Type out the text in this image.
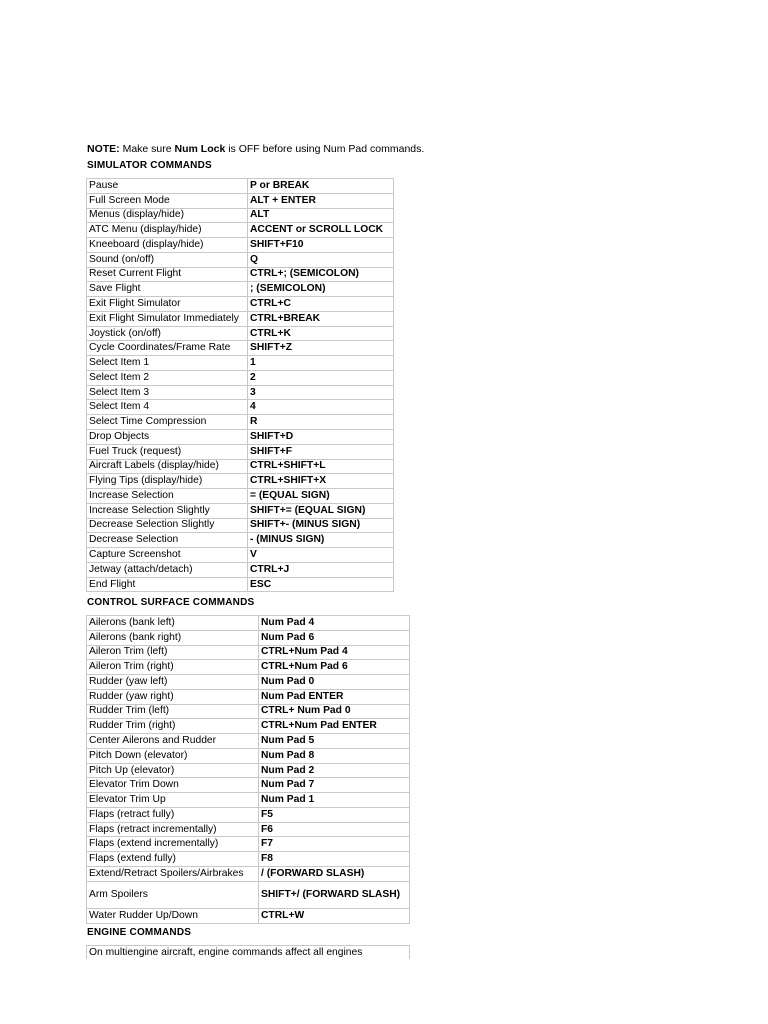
NOTE: Make sure Num Lock is OFF before using Num Pad commands.
SIMULATOR COMMANDS
Pause	P or BREAK
Full Screen Mode	ALT + ENTER
Menus (display/hide)	ALT
ATC Menu (display/hide)	ACCENT or SCROLL LOCK
Kneeboard (display/hide)	SHIFT+F10
Sound (on/off)	Q
Reset Current Flight	CTRL+; (SEMICOLON)
Save Flight	; (SEMICOLON)
Exit Flight Simulator	CTRL+C
Exit Flight Simulator Immediately	CTRL+BREAK
Joystick (on/off)	CTRL+K
Cycle Coordinates/Frame Rate	SHIFT+Z
Select Item 1	1
Select Item 2	2
Select Item 3	3
Select Item 4	4
Select Time Compression	R
Drop Objects	SHIFT+D
Fuel Truck (request)	SHIFT+F
Aircraft Labels (display/hide)	CTRL+SHIFT+L
Flying Tips (display/hide)	CTRL+SHIFT+X
Increase Selection	= (EQUAL SIGN)
Increase Selection Slightly	SHIFT+= (EQUAL SIGN)
Decrease Selection Slightly	SHIFT+- (MINUS SIGN)
Decrease Selection	- (MINUS SIGN)
Capture Screenshot	V
Jetway (attach/detach)	CTRL+J
End Flight	ESC
CONTROL SURFACE COMMANDS
Ailerons (bank left)	Num Pad 4
Ailerons (bank right)	Num Pad 6
Aileron Trim (left)	CTRL+Num Pad 4
Aileron Trim (right)	CTRL+Num Pad 6
Rudder (yaw left)	Num Pad 0
Rudder (yaw right)	Num Pad ENTER
Rudder Trim (left)	CTRL+ Num Pad 0
Rudder Trim (right)	CTRL+Num Pad ENTER
Center Ailerons and Rudder	Num Pad 5
Pitch Down (elevator)	Num Pad 8
Pitch Up (elevator)	Num Pad 2
Elevator Trim Down	Num Pad 7
Elevator Trim Up	Num Pad 1
Flaps (retract fully)	F5
Flaps (retract incrementally)	F6
Flaps (extend incrementally)	F7
Flaps (extend fully)	F8
Extend/Retract Spoilers/Airbrakes	/ (FORWARD SLASH)
Arm Spoilers	SHIFT+/ (FORWARD SLASH)
Water Rudder Up/Down	CTRL+W
ENGINE COMMANDS
On multiengine aircraft, engine commands affect all engines
